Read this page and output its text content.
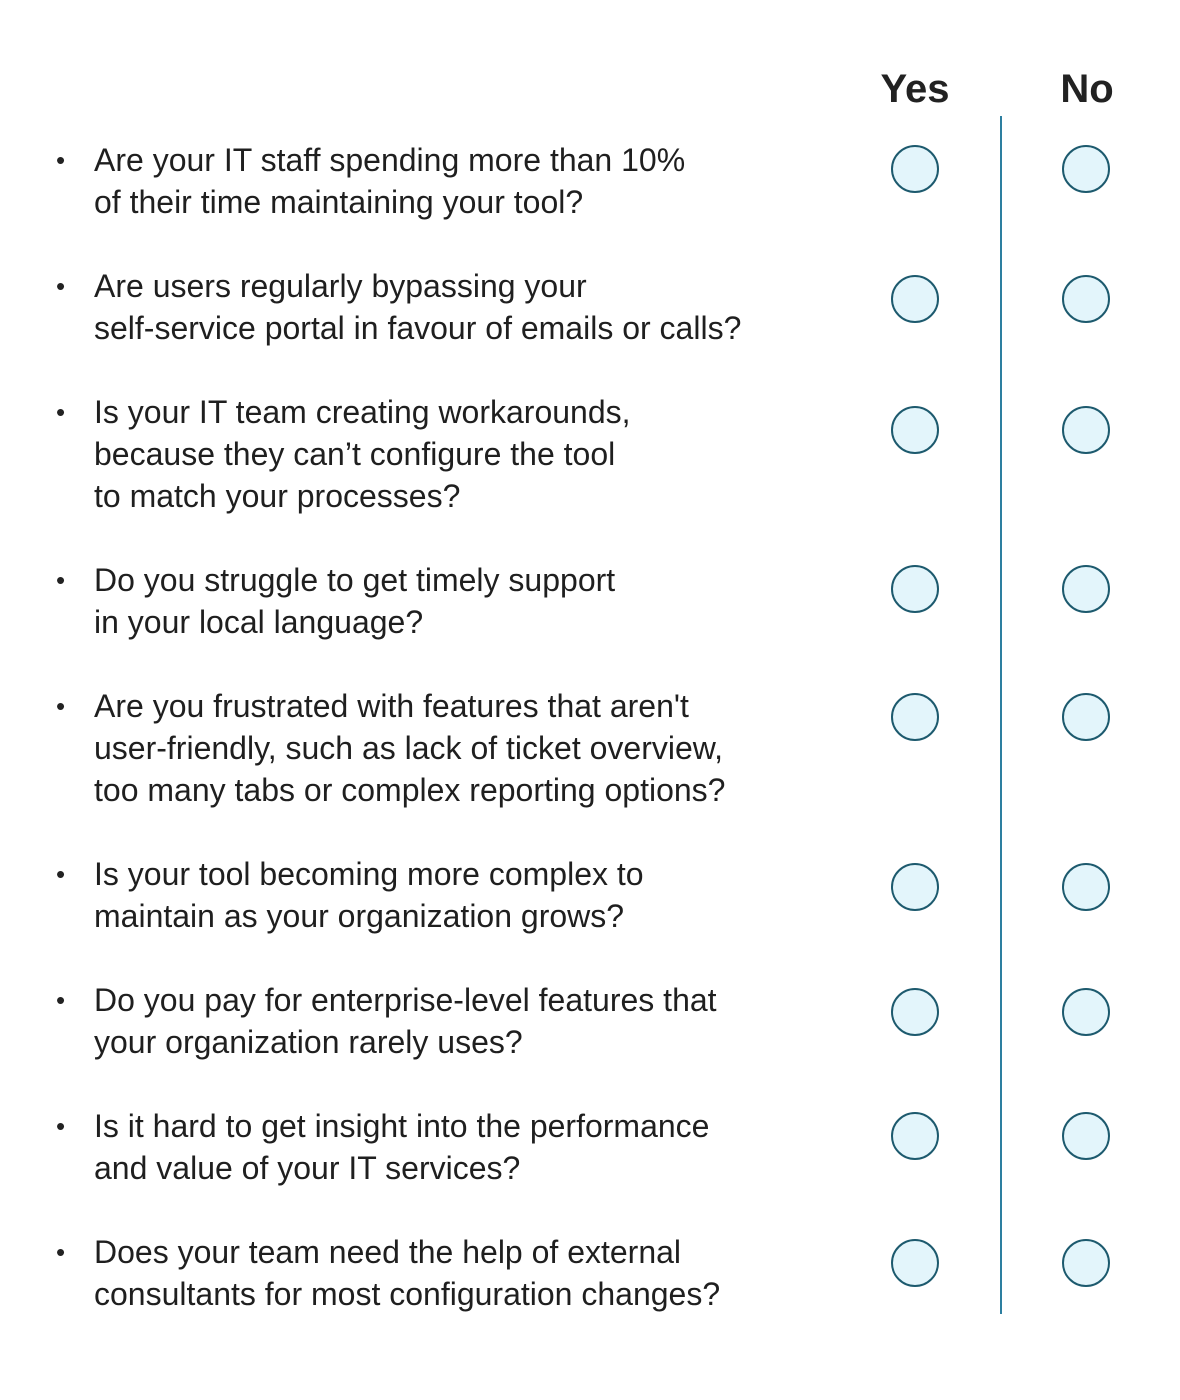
Yes	No
• Are your IT staff spending more than 10%
of their time maintaining your tool?
• Are users regularly bypassing your
self-service portal in favour of emails or calls?
• Is your IT team creating workarounds,
because they can’t configure the tool
to match your processes?
• Do you struggle to get timely support
in your local language?
• Are you frustrated with features that aren't
user-friendly, such as lack of ticket overview,
too many tabs or complex reporting options?
• Is your tool becoming more complex to
maintain as your organization grows?
• Do you pay for enterprise-level features that
your organization rarely uses?
• Is it hard to get insight into the performance
and value of your IT services?
• Does your team need the help of external
consultants for most configuration changes?
